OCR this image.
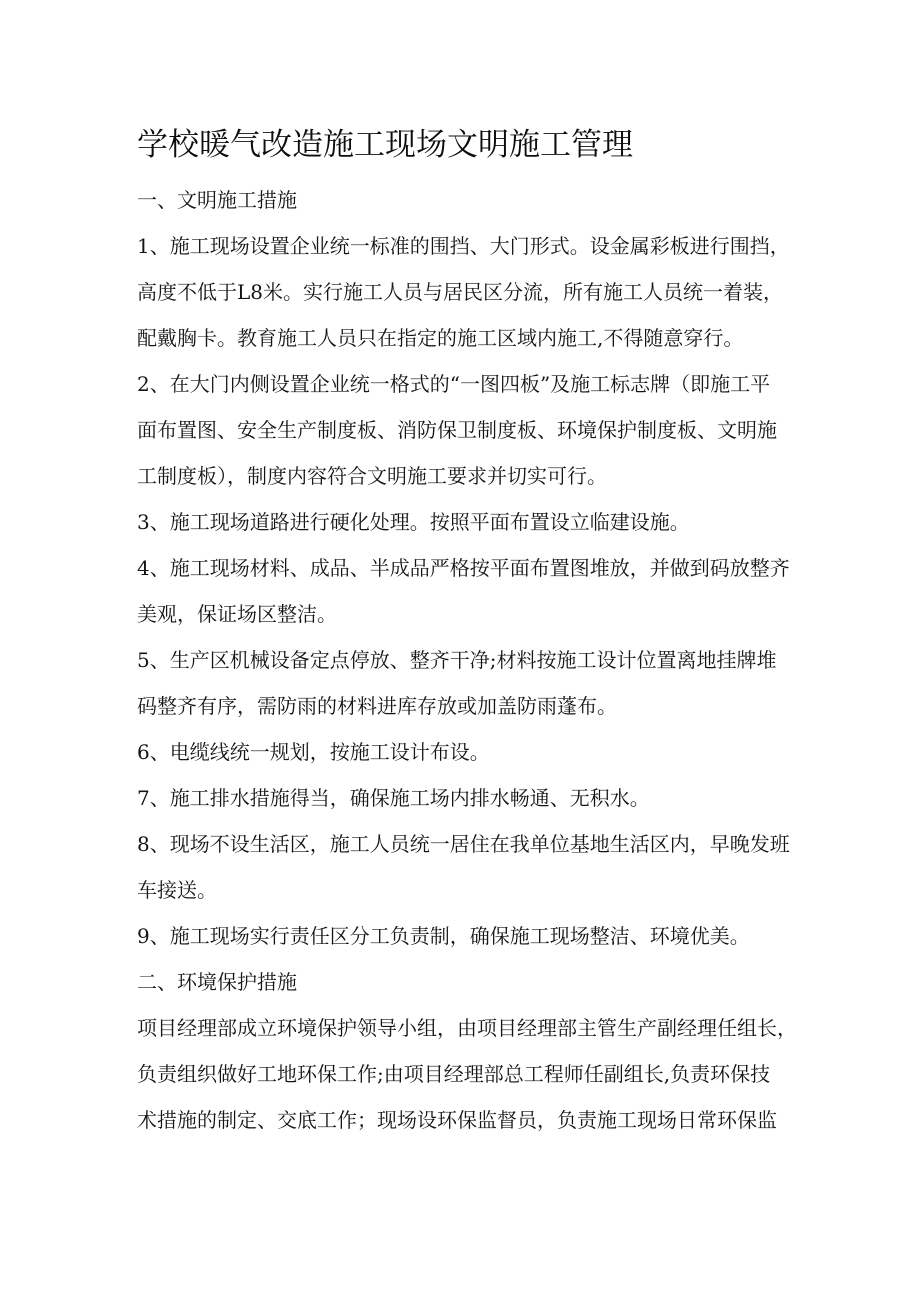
学校暖气改造施工现场文明施工管理
一、文明施工措施
1、施工现场设置企业统一标准的围挡、大门形式。设金属彩板进行围挡，
高度不低于L8米。实行施工人员与居民区分流，所有施工人员统一着装，
配戴胸卡。教育施工人员只在指定的施工区域内施工,不得随意穿行。
2、在大门内侧设置企业统一格式的“一图四板”及施工标志牌（即施工平
面布置图、安全生产制度板、消防保卫制度板、环境保护制度板、文明施
工制度板），制度内容符合文明施工要求并切实可行。
3、施工现场道路进行硬化处理。按照平面布置设立临建设施。
4、施工现场材料、成品、半成品严格按平面布置图堆放，并做到码放整齐
美观，保证场区整洁。
5、生产区机械设备定点停放、整齐干净;材料按施工设计位置离地挂牌堆
码整齐有序，需防雨的材料进库存放或加盖防雨蓬布。
6、电缆线统一规划，按施工设计布设。
7、施工排水措施得当，确保施工场内排水畅通、无积水。
8、现场不设生活区，施工人员统一居住在我单位基地生活区内，早晚发班
车接送。
9、施工现场实行责任区分工负责制，确保施工现场整洁、环境优美。
二、环境保护措施
项目经理部成立环境保护领导小组，由项目经理部主管生产副经理任组长，
负责组织做好工地环保工作;由项目经理部总工程师任副组长,负责环保技
术措施的制定、交底工作；现场设环保监督员，负责施工现场日常环保监
